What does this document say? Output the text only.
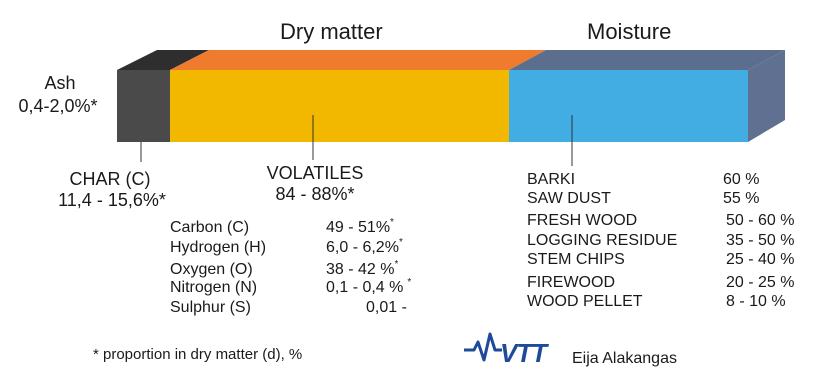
Dry matter	Moisture
Ash
0,4-2,0%*
CHAR (C)
11,4 - 15,6%*
VOLATILES
84 - 88%*
Carbon (C)
Hydrogen (H)
Oxygen (O)
Nitrogen (N)
Sulphur (S)
49 - 51%*
6,0 - 6,2%*
38 - 42 %*
0,1 - 0,4 % *
0,01 -
BARKI
SAW DUST
FRESH WOOD
LOGGING RESIDUE
STEM CHIPS
FIREWOOD
WOOD PELLET
60 %
55 %
50 - 60 %
35 - 50 %
25 - 40 %
20 - 25 %
8 - 10 %
* proportion in dry matter (d), %	VTT Eija Alakangas
